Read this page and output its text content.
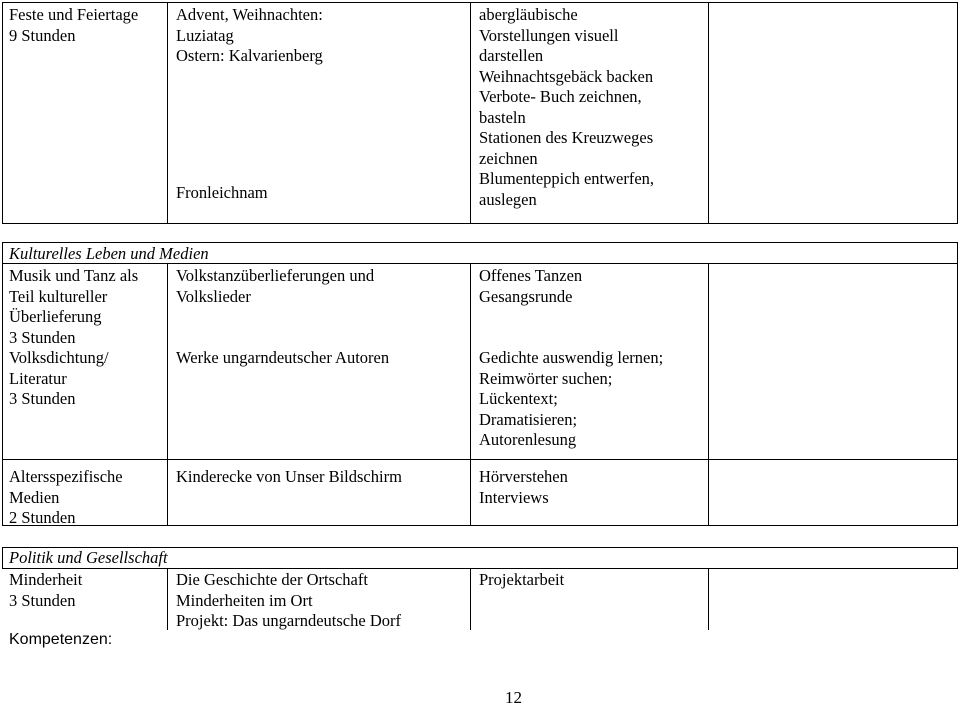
Feste und Feiertage
9 Stunden
Advent, Weihnachten:
Luziatag
Ostern: Kalvarienberg
Fronleichnam
abergläubische
Vorstellungen visuell
darstellen
Weihnachtsgebäck backen
Verbote- Buch zeichnen,
basteln
Stationen des Kreuzweges
zeichnen
Blumenteppich entwerfen,
auslegen
Kulturelles Leben und Medien
Musik und Tanz als
Teil kultureller
Überlieferung
3 Stunden
Volksdichtung/
Literatur
3 Stunden
Volkstanzüberlieferungen und
Volkslieder
Werke ungarndeutscher Autoren
Offenes Tanzen
Gesangsrunde
Gedichte auswendig lernen;
Reimwörter suchen;
Lückentext;
Dramatisieren;
Autorenlesung
Altersspezifische
Medien
2 Stunden
Kinderecke von Unser Bildschirm	Hörverstehen
Interviews
Politik und Gesellschaft
Minderheit
3 Stunden
Die Geschichte der Ortschaft
Minderheiten im Ort
Projekt: Das ungarndeutsche Dorf
Projektarbeit
Kompetenzen:
12
